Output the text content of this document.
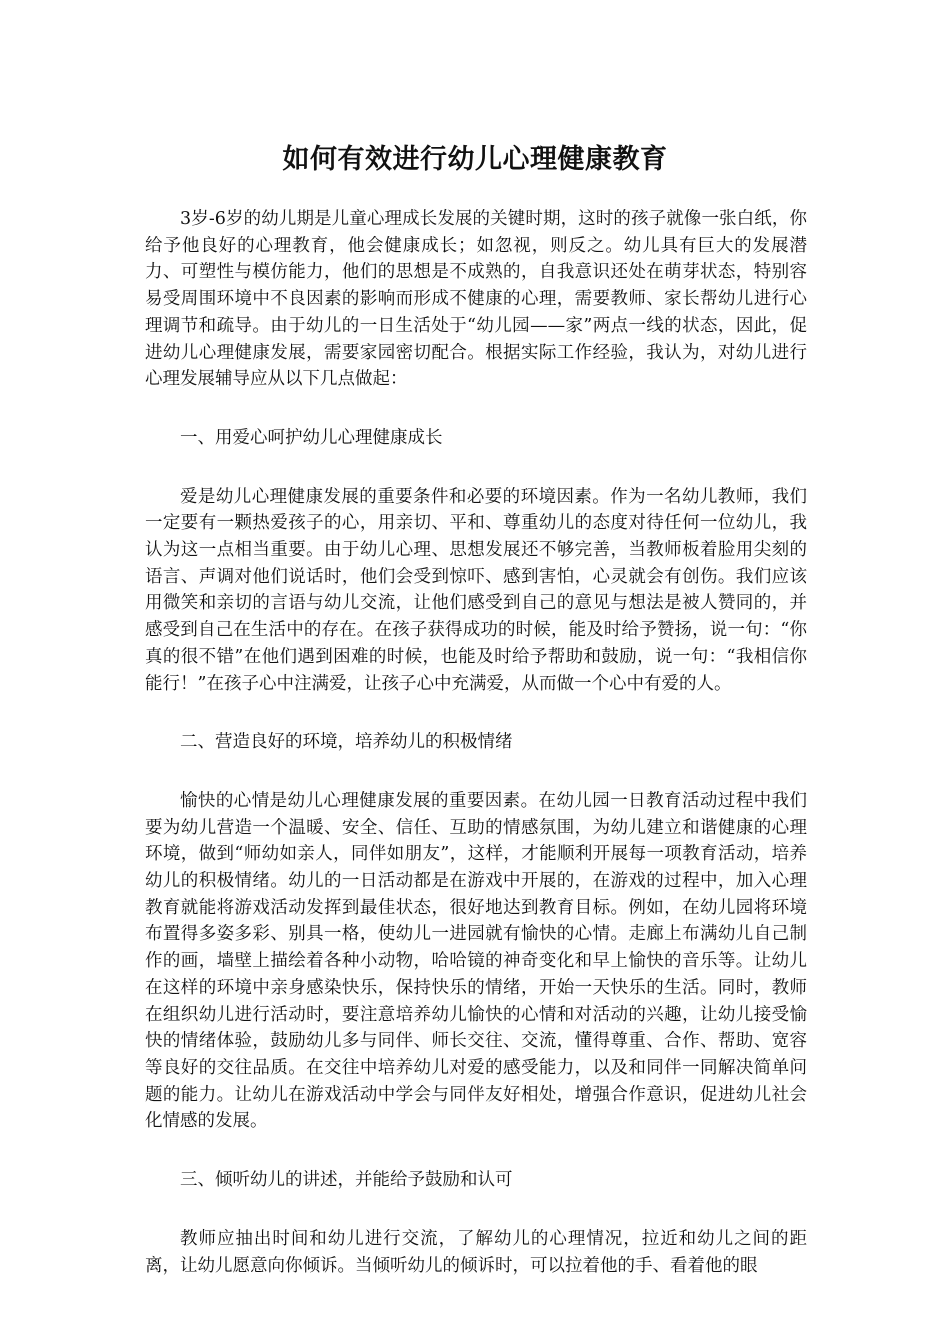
如何有效进行幼儿心理健康教育

3岁-6岁的幼儿期是儿童心理成长发展的关键时期，这时的孩子就像一张白纸，你给予他良好的心理教育，他会健康成长；如忽视，则反之。幼儿具有巨大的发展潜力、可塑性与模仿能力，他们的思想是不成熟的，自我意识还处在萌芽状态，特别容易受周围环境中不良因素的影响而形成不健康的心理，需要教师、家长帮幼儿进行心理调节和疏导。由于幼儿的一日生活处于“幼儿园——家”两点一线的状态，因此，促进幼儿心理健康发展，需要家园密切配合。根据实际工作经验，我认为，对幼儿进行心理发展辅导应从以下几点做起：

一、用爱心呵护幼儿心理健康成长

爱是幼儿心理健康发展的重要条件和必要的环境因素。作为一名幼儿教师，我们一定要有一颗热爱孩子的心，用亲切、平和、尊重幼儿的态度对待任何一位幼儿，我认为这一点相当重要。由于幼儿心理、思想发展还不够完善，当教师板着脸用尖刻的语言、声调对他们说话时，他们会受到惊吓、感到害怕，心灵就会有创伤。我们应该用微笑和亲切的言语与幼儿交流，让他们感受到自己的意见与想法是被人赞同的，并感受到自己在生活中的存在。在孩子获得成功的时候，能及时给予赞扬，说一句：“你真的很不错”在他们遇到困难的时候，也能及时给予帮助和鼓励，说一句：“我相信你能行！”在孩子心中注满爱，让孩子心中充满爱，从而做一个心中有爱的人。

二、营造良好的环境，培养幼儿的积极情绪

愉快的心情是幼儿心理健康发展的重要因素。在幼儿园一日教育活动过程中我们要为幼儿营造一个温暖、安全、信任、互助的情感氛围，为幼儿建立和谐健康的心理环境，做到“师幼如亲人，同伴如朋友”，这样，才能顺利开展每一项教育活动，培养幼儿的积极情绪。幼儿的一日活动都是在游戏中开展的，在游戏的过程中，加入心理教育就能将游戏活动发挥到最佳状态，很好地达到教育目标。例如，在幼儿园将环境布置得多姿多彩、别具一格，使幼儿一进园就有愉快的心情。走廊上布满幼儿自己制作的画，墙壁上描绘着各种小动物，哈哈镜的神奇变化和早上愉快的音乐等。让幼儿在这样的环境中亲身感染快乐，保持快乐的情绪，开始一天快乐的生活。同时，教师在组织幼儿进行活动时，要注意培养幼儿愉快的心情和对活动的兴趣，让幼儿接受愉快的情绪体验，鼓励幼儿多与同伴、师长交往、交流，懂得尊重、合作、帮助、宽容等良好的交往品质。在交往中培养幼儿对爱的感受能力，以及和同伴一同解决简单问题的能力。让幼儿在游戏活动中学会与同伴友好相处，增强合作意识，促进幼儿社会化情感的发展。

三、倾听幼儿的讲述，并能给予鼓励和认可

教师应抽出时间和幼儿进行交流，了解幼儿的心理情况，拉近和幼儿之间的距离，让幼儿愿意向你倾诉。当倾听幼儿的倾诉时，可以拉着他的手、看着他的眼
